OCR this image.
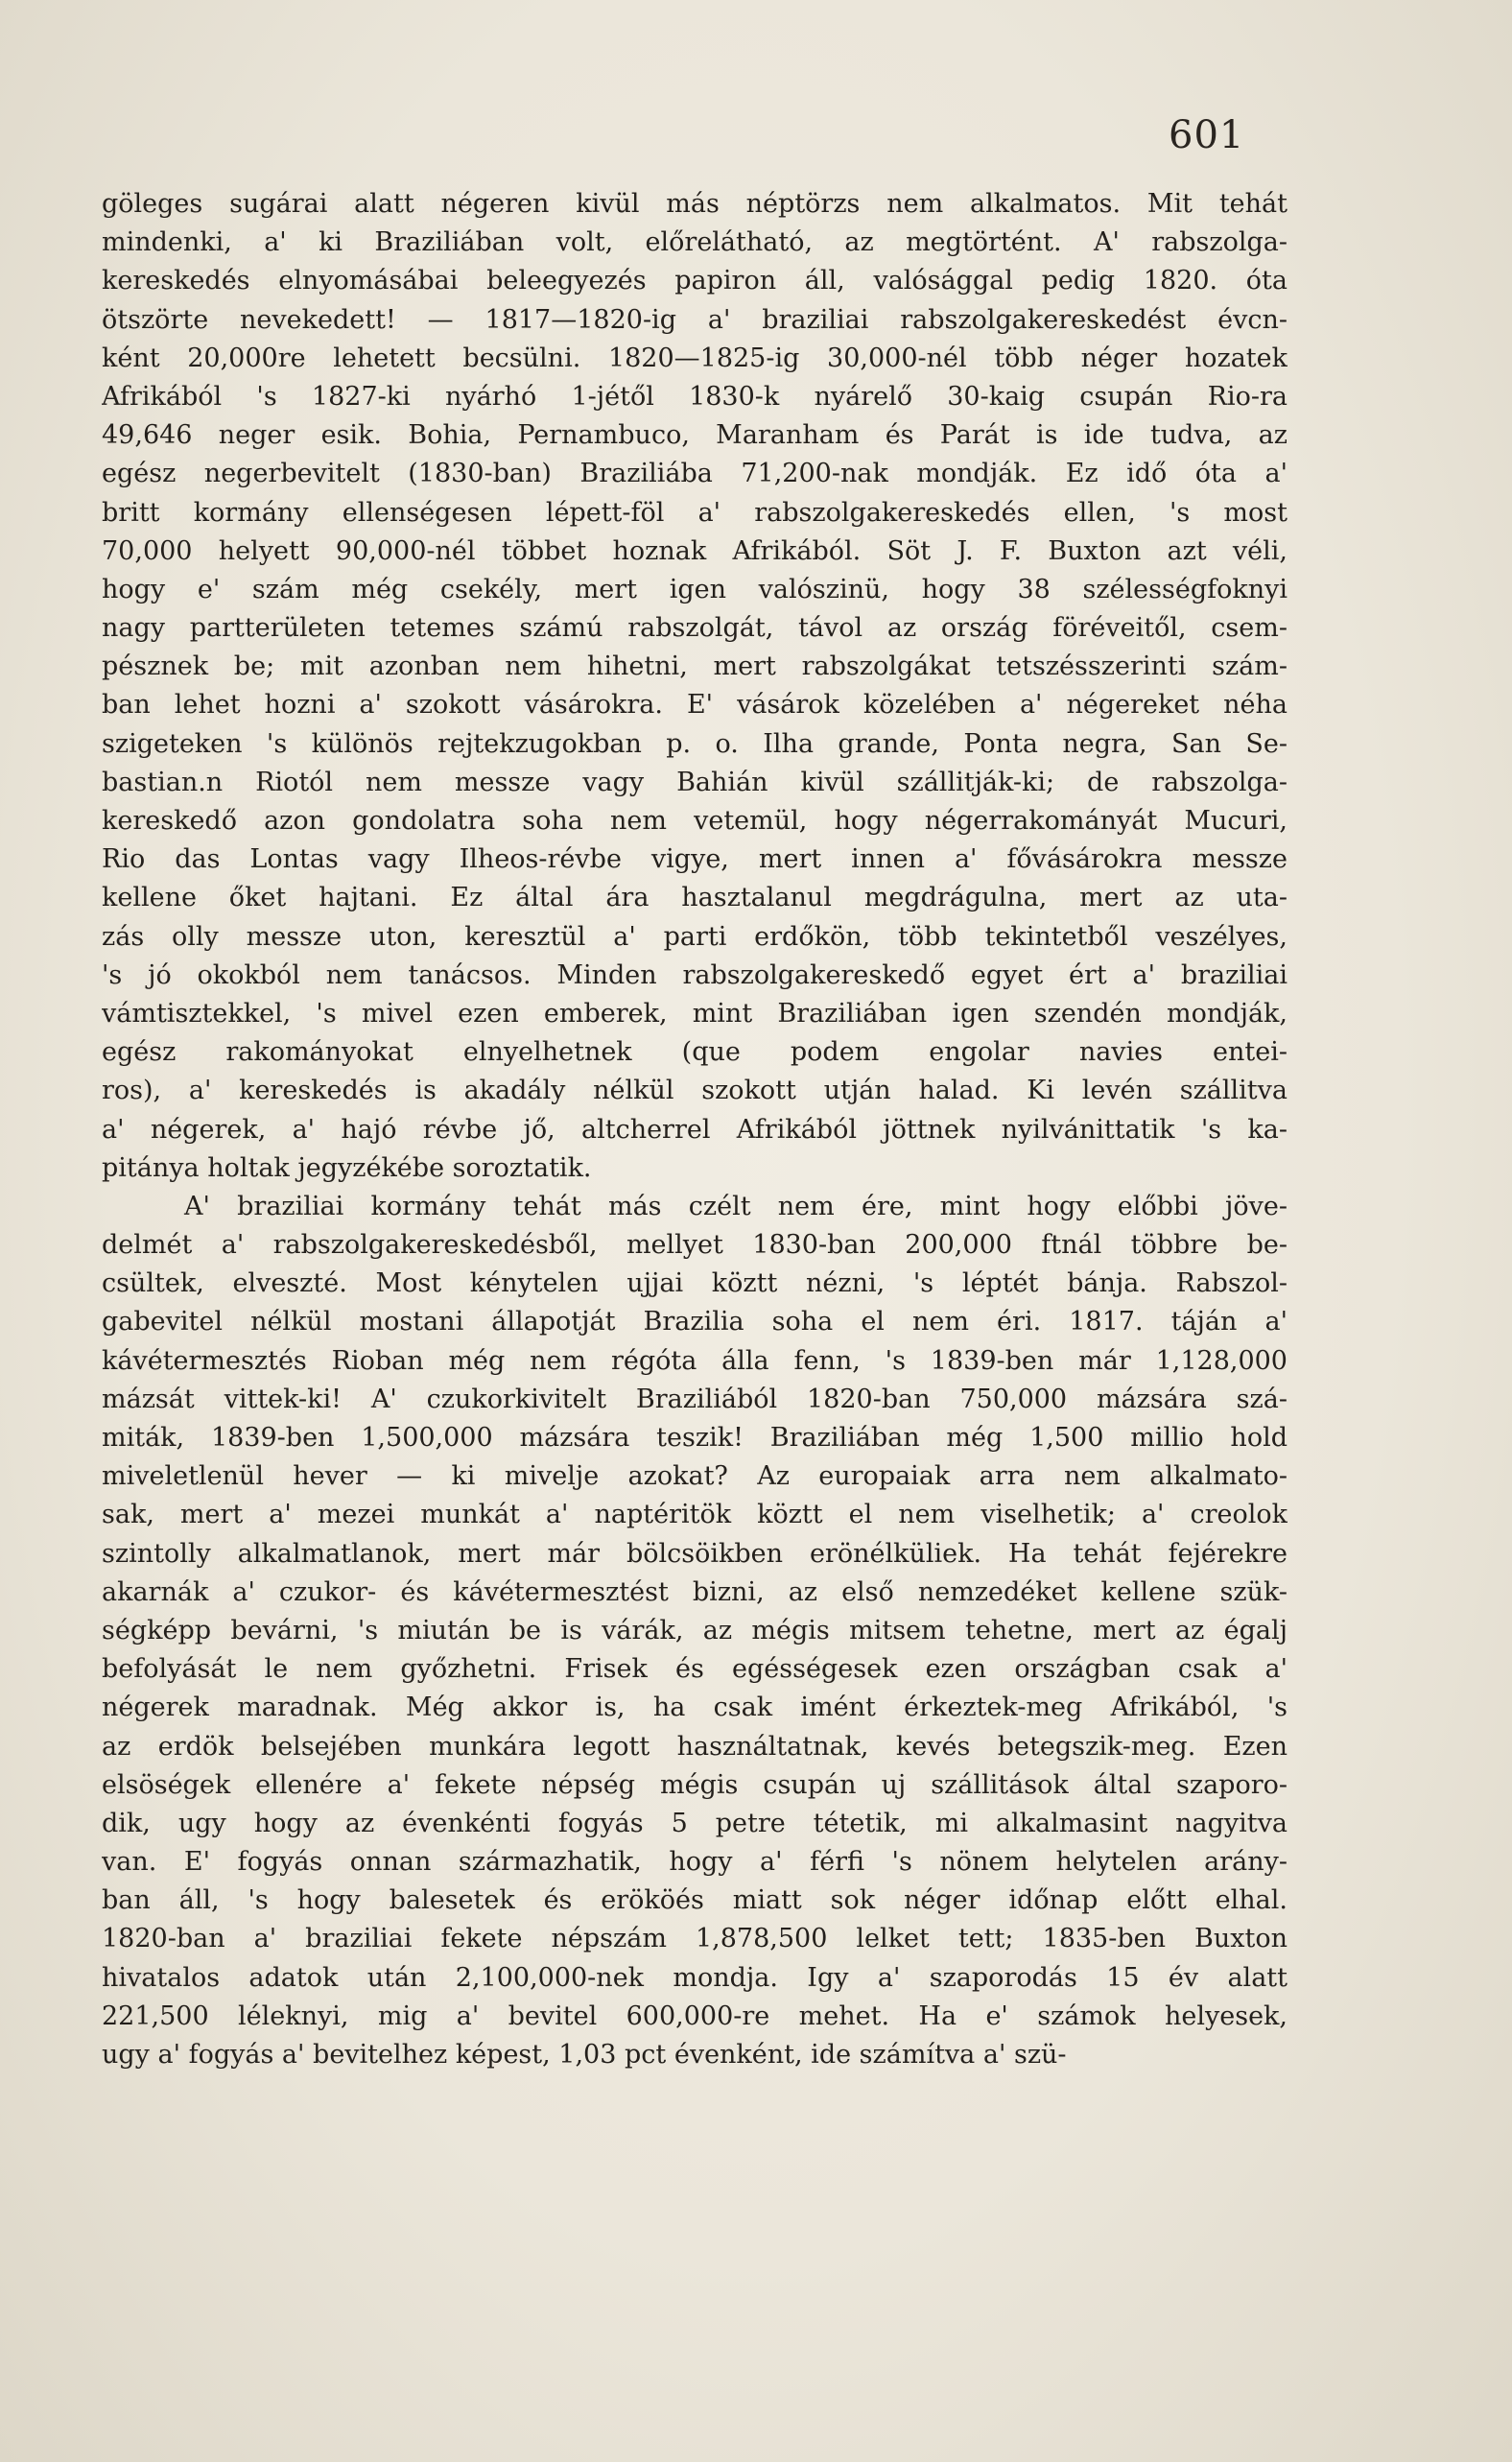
601
göleges sugárai alatt négeren kivül más néptörzs nem alkalmatos. Mit tehát
mindenki, a' ki Braziliában volt, előrelátható, az megtörtént. A' rabszolga-
kereskedés elnyomásábai beleegyezés papiron áll, valósággal pedig 1820. óta
ötszörte nevekedett! — 1817—1820-ig a' braziliai rabszolgakereskedést évcn-
ként 20,000re lehetett becsülni. 1820—1825-ig 30,000-nél több néger hozatek
Afrikából 's 1827-ki nyárhó 1-jétől 1830-k nyárelő 30-kaig csupán Rio-ra
49,646 neger esik. Bohia, Pernambuco, Maranham és Parát is ide tudva, az
egész negerbevitelt (1830-ban) Braziliába 71,200-nak mondják. Ez idő óta a'
britt kormány ellenségesen lépett-föl a' rabszolgakereskedés ellen, 's most
70,000 helyett 90,000-nél többet hoznak Afrikából. Söt J. F. Buxton azt véli,
hogy e' szám még csekély, mert igen valószinü, hogy 38 szélességfoknyi
nagy partterületen tetemes számú rabszolgát, távol az ország föréveitől, csem-
pésznek be; mit azonban nem hihetni, mert rabszolgákat tetszésszerinti szám-
ban lehet hozni a' szokott vásárokra. E' vásárok közelében a' négereket néha
szigeteken 's különös rejtekzugokban p. o. Ilha grande, Ponta negra, San Se-
bastian.n Riotól nem messze vagy Bahián kivül szállitják-ki; de rabszolga-
kereskedő azon gondolatra soha nem vetemül, hogy négerrakományát Mucuri,
Rio das Lontas vagy Ilheos-révbe vigye, mert innen a' fővásárokra messze
kellene őket hajtani. Ez által ára hasztalanul megdrágulna, mert az uta-
zás olly messze uton, keresztül a' parti erdőkön, több tekintetből veszélyes,
's jó okokból nem tanácsos. Minden rabszolgakereskedő egyet ért a' braziliai
vámtisztekkel, 's mivel ezen emberek, mint Braziliában igen szendén mondják,
egész rakományokat elnyelhetnek (que podem engolar navies entei-
ros), a' kereskedés is akadály nélkül szokott utján halad. Ki levén szállitva
a' négerek, a' hajó révbe jő, altcherrel Afrikából jöttnek nyilvánittatik 's ka-
pitánya holtak jegyzékébe soroztatik.
A' braziliai kormány tehát más czélt nem ére, mint hogy előbbi jöve-
delmét a' rabszolgakereskedésből, mellyet 1830-ban 200,000 ftnál többre be-
csültek, elveszté. Most kénytelen ujjai köztt nézni, 's léptét bánja. Rabszol-
gabevitel nélkül mostani állapotját Brazilia soha el nem éri. 1817. táján a'
kávétermesztés Rioban még nem régóta álla fenn, 's 1839-ben már 1,128,000
mázsát vittek-ki! A' czukorkivitelt Braziliából 1820-ban 750,000 mázsára szá-
miták, 1839-ben 1,500,000 mázsára teszik! Braziliában még 1,500 millio hold
miveletlenül hever — ki mivelje azokat? Az europaiak arra nem alkalmato-
sak, mert a' mezei munkát a' naptéritök köztt el nem viselhetik; a' creolok
szintolly alkalmatlanok, mert már bölcsöikben erönélküliek. Ha tehát fejérekre
akarnák a' czukor- és kávétermesztést bizni, az első nemzedéket kellene szük-
ségképp bevárni, 's miután be is várák, az mégis mitsem tehetne, mert az égalj
befolyását le nem győzhetni. Frisek és egésségesek ezen országban csak a'
négerek maradnak. Még akkor is, ha csak imént érkeztek-meg Afrikából, 's
az erdök belsejében munkára legott használtatnak, kevés betegszik-meg. Ezen
elsöségek ellenére a' fekete népség mégis csupán uj szállitások által szaporo-
dik, ugy hogy az évenkénti fogyás 5 petre tétetik, mi alkalmasint nagyitva
van. E' fogyás onnan származhatik, hogy a' férfi 's nönem helytelen arány-
ban áll, 's hogy balesetek és erököés miatt sok néger időnap előtt elhal.
1820-ban a' braziliai fekete népszám 1,878,500 lelket tett; 1835-ben Buxton
hivatalos adatok után 2,100,000-nek mondja. Igy a' szaporodás 15 év alatt
221,500 léleknyi, mig a' bevitel 600,000-re mehet. Ha e' számok helyesek,
ugy a' fogyás a' bevitelhez képest, 1,03 pct évenként, ide számítva a' szü-
